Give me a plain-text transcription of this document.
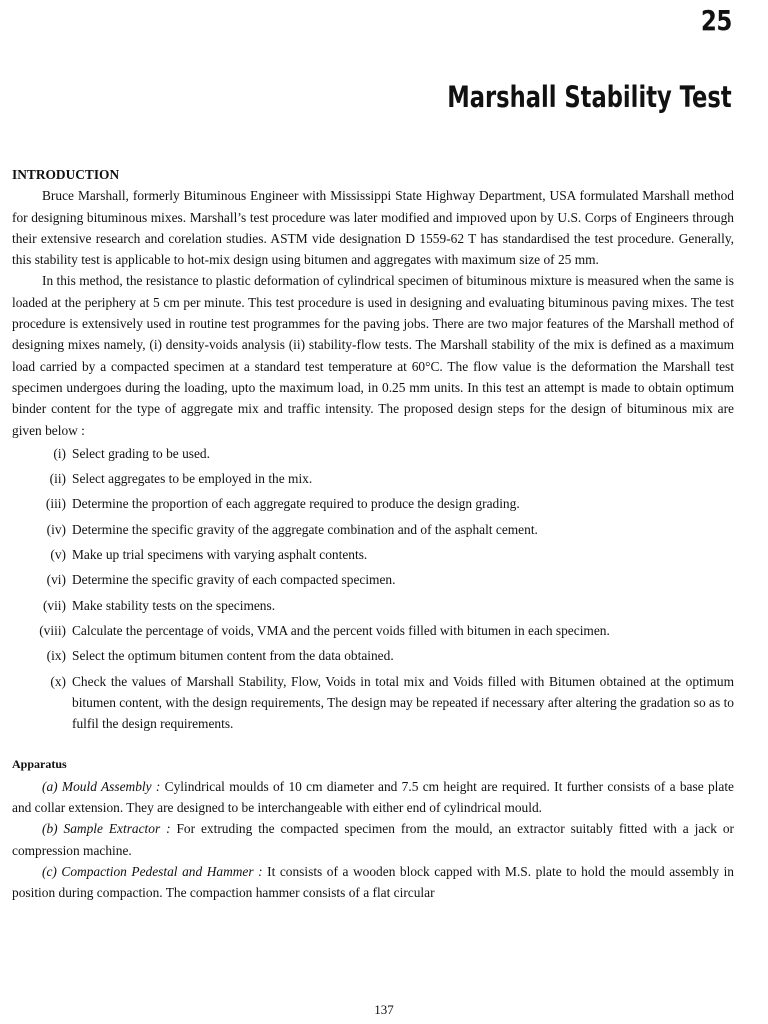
25
Marshall Stability Test
INTRODUCTION

Bruce Marshall, formerly Bituminous Engineer with Mississippi State Highway Department, USA formulated Marshall method for designing bituminous mixes. Marshall’s test procedure was later modified and impıoved upon by U.S. Corps of Engineers through their extensive research and corelation studies. ASTM vide designation D 1559-62 T has standardised the test procedure. Generally, this stability test is applicable to hot-mix design using bitumen and aggregates with maximum size of 25 mm.

In this method, the resistance to plastic deformation of cylindrical specimen of bituminous mixture is measured when the same is loaded at the periphery at 5 cm per minute. This test procedure is used in designing and evaluating bituminous paving mixes. The test procedure is extensively used in routine test programmes for the paving jobs. There are two major features of the Marshall method of designing mixes namely, (i) density-voids analysis (ii) stability-flow tests. The Marshall stability of the mix is defined as a maximum load carried by a compacted specimen at a standard test temperature at 60°C. The flow value is the deformation the Marshall test specimen undergoes during the loading, upto the maximum load, in 0.25 mm units. In this test an attempt is made to obtain optimum binder content for the type of aggregate mix and traffic intensity. The proposed design steps for the design of bituminous mix are given below :

(i) Select grading to be used.
(ii) Select aggregates to be employed in the mix.
(iii) Determine the proportion of each aggregate required to produce the design grading.
(iv) Determine the specific gravity of the aggregate combination and of the asphalt cement.
(v) Make up trial specimens with varying asphalt contents.
(vi) Determine the specific gravity of each compacted specimen.
(vii) Make stability tests on the specimens.
(viii) Calculate the percentage of voids, VMA and the percent voids filled with bitumen in each specimen.
(ix) Select the optimum bitumen content from the data obtained.
(x) Check the values of Marshall Stability, Flow, Voids in total mix and Voids filled with Bitumen obtained at the optimum bitumen content, with the design requirements, The design may be repeated if necessary after altering the gradation so as to fulfil the design requirements.
Apparatus

(a) Mould Assembly : Cylindrical moulds of 10 cm diameter and 7.5 cm height are required. It further consists of a base plate and collar extension. They are designed to be interchangeable with either end of cylindrical mould.

(b) Sample Extractor : For extruding the compacted specimen from the mould, an extractor suitably fitted with a jack or compression machine.

(c) Compaction Pedestal and Hammer : It consists of a wooden block capped with M.S. plate to hold the mould assembly in position during compaction. The compaction hammer consists of a flat circular

137
